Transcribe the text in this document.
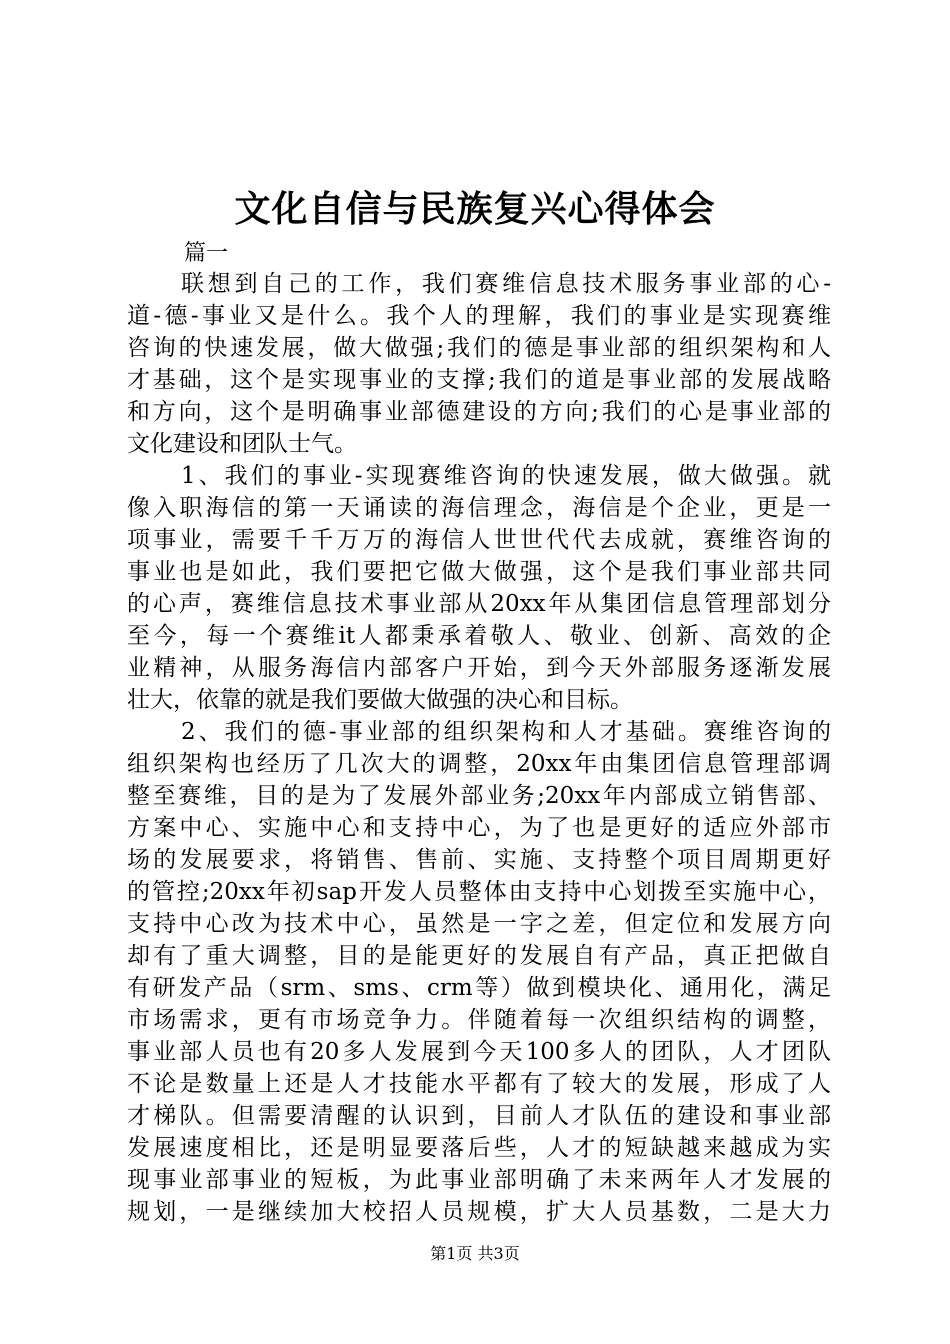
文化自信与民族复兴心得体会
篇一
联想到自己的工作，我们赛维信息技术服务事业部的心-
道-德-事业又是什么。我个人的理解，我们的事业是实现赛维
咨询的快速发展，做大做强;我们的德是事业部的组织架构和人
才基础，这个是实现事业的支撑;我们的道是事业部的发展战略
和方向，这个是明确事业部德建设的方向;我们的心是事业部的
文化建设和团队士气。
1、我们的事业-实现赛维咨询的快速发展，做大做强。就
像入职海信的第一天诵读的海信理念，海信是个企业，更是一
项事业，需要千千万万的海信人世世代代去成就，赛维咨询的
事业也是如此，我们要把它做大做强，这个是我们事业部共同
的心声，赛维信息技术事业部从20xx年从集团信息管理部划分
至今，每一个赛维it人都秉承着敬人、敬业、创新、高效的企
业精神，从服务海信内部客户开始，到今天外部服务逐渐发展
壮大，依靠的就是我们要做大做强的决心和目标。
2、我们的德-事业部的组织架构和人才基础。赛维咨询的
组织架构也经历了几次大的调整，20xx年由集团信息管理部调
整至赛维，目的是为了发展外部业务;20xx年内部成立销售部、
方案中心、实施中心和支持中心，为了也是更好的适应外部市
场的发展要求，将销售、售前、实施、支持整个项目周期更好
的管控;20xx年初sap开发人员整体由支持中心划拨至实施中心，
支持中心改为技术中心，虽然是一字之差，但定位和发展方向
却有了重大调整，目的是能更好的发展自有产品，真正把做自
有研发产品（srm、sms、crm等）做到模块化、通用化，满足
市场需求，更有市场竞争力。伴随着每一次组织结构的调整，
事业部人员也有20多人发展到今天100多人的团队，人才团队
不论是数量上还是人才技能水平都有了较大的发展，形成了人
才梯队。但需要清醒的认识到，目前人才队伍的建设和事业部
发展速度相比，还是明显要落后些，人才的短缺越来越成为实
现事业部事业的短板，为此事业部明确了未来两年人才发展的
规划，一是继续加大校招人员规模，扩大人员基数，二是大力
第1页 共3页
